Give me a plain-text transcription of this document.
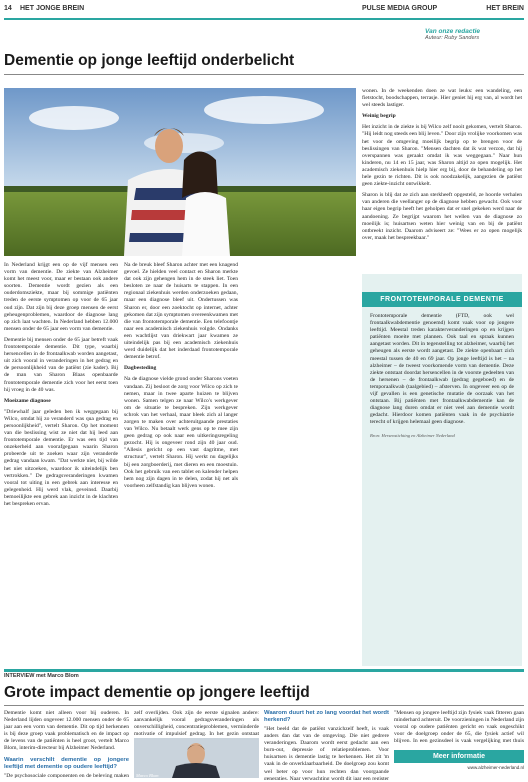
14 HET JONGE BREIN	PULSE MEDIA GROUP	HET BREIN
Van onze redactie
Auteur: Ruby Sanders
Dementie op jonge leeftijd onderbelicht

In Nederland krijgt een op de vijf mensen een vorm van dementie. De ziekte van Alzheimer komt het meest voor, maar er bestaan ook andere soorten. Dementie wordt gezien als een ouderdomsziekte, maar bij sommige patiënten treden de eerste symptomen op voor de 65 jaar oud zijn. Dat zijn bij deze groep mensen de eerst geheugenproblemen, waardoor de diagnose lang op zich laat wachten. In Nederland hebben 12.000 mensen onder de 65 jaar een vorm van dementie.

Dementie bij mensen onder de 65 jaar betreft vaak frontotemporale dementie. Dit type, waarbij hersencellen in de frontaalkwab worden aangetast, uit zich vooral in veranderingen in het gedrag en de persoonlijkheid van de patiënt (zie kader). Bij de man van Sharon Blaas openbaarde frontotemporale dementie zich voor het eerst toen hij vroeg in de 40 was.

Moeizame diagnose

"Driewhalf jaar geleden ben ik weggegaan bij Wilco, omdat hij zo veranderd was qua gedrag en persoonlijkheid", vertelt Sharon. Op het moment van die beslissing wist ze niet dat hij leed aan frontotemporale dementie. Er was een tijd van onzekerheid aan voorafgegaan waarin Sharon probeerde uit te zoeken waar zijn veranderde gedrag vandaan kwam. "Dat werkte niet, bij wilde het niet uitzoeken, waardoor ik uiteindelijk ben vertrokken." De gedragsveranderingen kwamen vooral tot uiting in een gebrek aan interesse en gelegenheid. Hij werd vlak, geveinsd. Daarbij bemoeilijkte een gebrek aan inzicht in de klachten het bespreken ervan.

Na de breuk bleef Sharon achter met een knagend gevoel. Ze hielden veel contact en Sharon merkte dat ook zijn gehengen hem in de steek liet. Toen besloten ze naar de huisarts te stappen. In een regionaal ziekenhuis werden onderzoeken gedaan, maar een diagnose bleef uit. Ondertussen was Sharon er, door een zoektocht op internet, achter gekomen dat zijn symptomen overeenkwamen met die van frontotemporale dementie. Een telefoontje naar een academisch ziekenhuis volgde. Ondanks een wachtlijst van driekwart jaar kwamen ze uiteindelijk pas bij een academisch ziekenhuis werd duidelijk dat het inderdaad frontotemporale dementie betrof.

Dagbesteding

Na de diagnose vielde grond onder Sharons voeten vandaan. Zij besloot de zorg voor Wilco op zich te nemen, maar in twee aparte huizen te blijven wonen. Samen telgen ze naar Wilco's werkgever om de situatie te bespreken. Zijn werkgever schrok van het verhaal, maar bleek zich al langer zorgen te maken over achteruitgaande prestaties van Wilco. Nu betaalt werk gens op te mee zijn geen gedrag op ook naar een uitkeringsregeling gezocht. Hij is ongeveer rond zijn 40 jaar oud. "Allesis gericht op een vast dagritme, met structuur", vertelt Sharon. Hij werkt nu dagelijks bij een zorgboerderij, met dieren en een moestuin. Ook het gebruik van een tablet en kalender helpen hem nog zijn dagen in te delen, zodat hij net als voorheen zelfstandig kan blijven wonen.

wonen. In de weekenden doen ze wat leuks: een wandeling, een fietstocht, boodschappen, terrasje. Hier geniet hij erg van, al wordt het wel steeds lastiger.

Weinig begrip

Het inzicht in de ziekte is bij Wilco zelf nooit gekomen, vertelt Sharon. "Hij leidt nog steeds een blij leven." Door zijn vrolijke voorkomen was het voor de omgeving moeilijk begrip op te brengen voor de beslissingen van Sharon. "Mensen dachten dat ik wat verzon, dat hij overspannen was geraakt omdat ik was weggegaan." Naar hun kinderen, nu 14 en 15 jaar, was Sharon altijd zo open mogelijk. Het academisch ziekenhuis hielp hier erg bij, door de behandeling op het hele gezin te richten. Dit is ook noodzakelijk, aangezien de patiënt geen ziekte-inzicht ontwikkelt.

Sharon is blij dat ze zich aan sterkheeft opgesteld, ze hoorde verhalen van anderen die veellanger op de diagnose hebben gewacht. Ook voor haar eigen begrip heeft het geholpen dat er snel gekeken werd naar de aandoening. Ze begrijpt waarom het wellen van de diagnose zo moeilijk is; huisartsen weten hier weinig van en bij de patiënt ontbreekt inzicht. Daarom adviseert ze: "Wees er zo open mogelijk over, maak het bespreekbaar."

FRONTOTEMPORALE DEMENTIE
Frontotemporale dementie (FTD, ook wel frontaalkwabdementie genoemd) komt vaak voor op jongere leeftijd. Meestal treden karakterveranderingen op en krijgen patiënten moeite met plannen. Ook taal en spraak kunnen aangetast worden. Dit in tegenstelling tot alzheimer, waarbij het geheugen als eerste wordt aangetast. De ziekte openbaart zich meestal tussen de 40 en 69 jaar. Op jonge leeftijd is het – na alzheimer – de tweest voorkomende vorm van dementie. Deze ziekte ontstaat doordat hersencellen in de voorste gedeelten van de hersenen – de frontaalkwab (gedrag gegeboed) en de temporaalkwab (taalgebied) – afsterven. In ongeveer een op de vijf gevallen is een genetische mutatie de oorzaak van het ontstaan. Bij patiënten met frontaalkwabdementie kan de diagnose lang duren omdat er niet veel aan dementie wordt gedacht. Hierdoor komen patiënten vaak in de psychiatrie terecht of krijgen helemaal geen diagnose.
Bron: Hersenstichting en Alzheimer Nederland
INTERVIEW met Marco Blom
Grote impact dementie op jongere leeftijd

Dementie komt niet alleen voor bij ouderen. In Nederland lijden ongeveer 12.000 mensen onder de 65 jaar aan een vorm van dementie. Dit op tijd herkennen is bij deze groep vaak problematisch en de impact op de levens van de patiënten is heel groot, vertelt Marco Blom, interim-directeur bij Alzheimer Nederland.

Waarin verschilt dementie op jongere leeftijd met dementie op oudere leeftijd?

"De psychosociale componenten en de beleving maken

zelf overlijden. Ook zijn de eerste signalen andere: aanvankelijk vooral gedragsveranderingen als onverschilligheid, concentratieproblemen, verminderde motivatie of impulsief gedrag. In het gezin ontstaat

Marco Blom
Waarom duurt het zo lang voordat het wordt herkend?

"Het beeld dat de patiënt vanzichzelf heeft, is vaak anders dan dat van de omgeving. Die niet gedrere veranderingen. Daarom wordt eerst gedacht aan een burn-out, depressie of relatieproblemen. Voor huisartsen is dementie lastig te herkennen. Het zit 'm vaak in de onverklaarbaarheid. De doelgroep zou komt wel beter op voor hun rechten dan voorgaande generaties. Naar verwachting wordt dit jaar een register

"Mensen op jongere leeftijd zijn fysiek vaak fitteren gaan minderhard achteruit. De voorzieningen in Nederland zijn vooral op oudere patiënten gericht en vaak ongeschikt voor de doelgroep onder de 65, die fysiek actief wil blijven. In een gezinsdeel is vaak vergelijking met thuis

Meer informatie
www.alzheimer-nederland.nl
